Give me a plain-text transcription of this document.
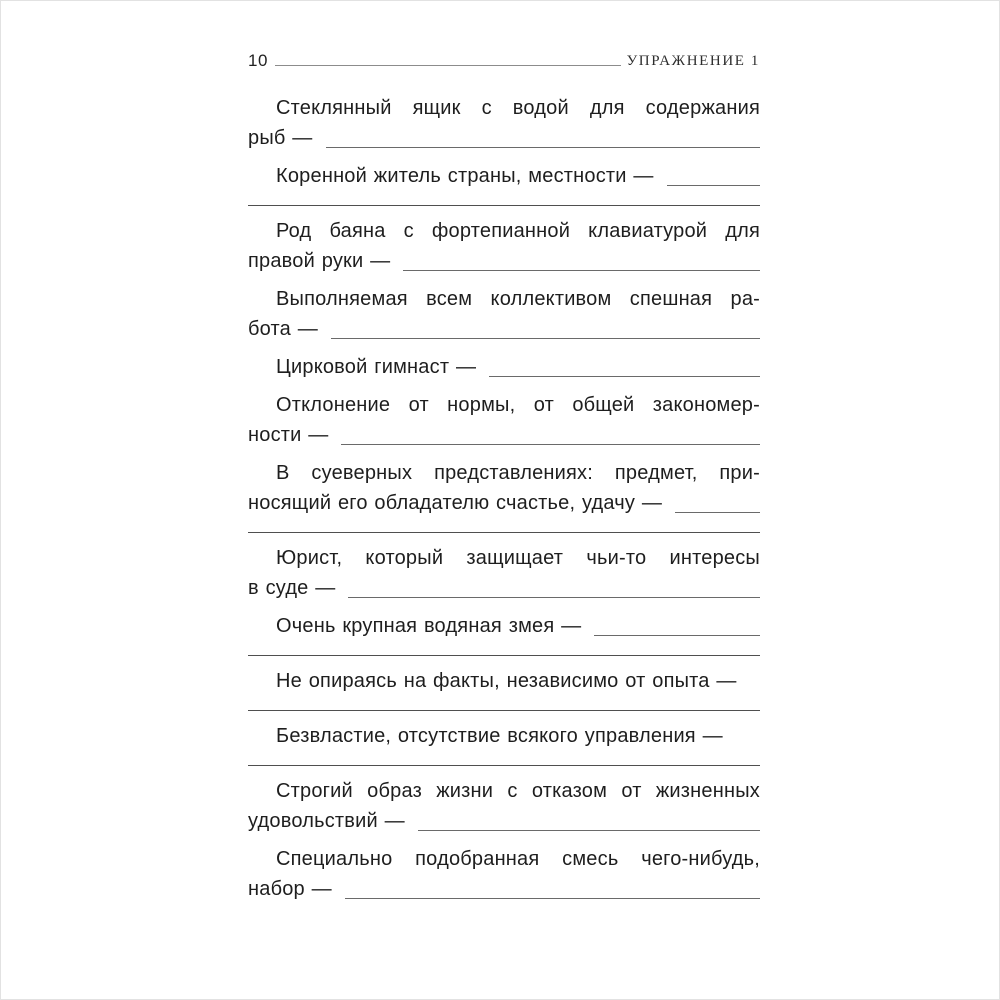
10	УПРАЖНЕНИЕ 1
Стеклянный ящик с водой для содержания
рыб —
Коренной житель страны, местности —
Род баяна с фортепианной клавиатурой для
правой руки —
Выполняемая всем коллективом спешная ра-
бота —
Цирковой гимнаст —
Отклонение от нормы, от общей закономер-
ности —
В суеверных представлениях: предмет, при-
носящий его обладателю счастье, удачу —
Юрист, который защищает чьи-то интересы
в суде —
Очень крупная водяная змея —
Не опираясь на факты, независимо от опыта —
Безвластие, отсутствие всякого управления —
Строгий образ жизни с отказом от жизненных
удовольствий —
Специально подобранная смесь чего-нибудь,
набор —
